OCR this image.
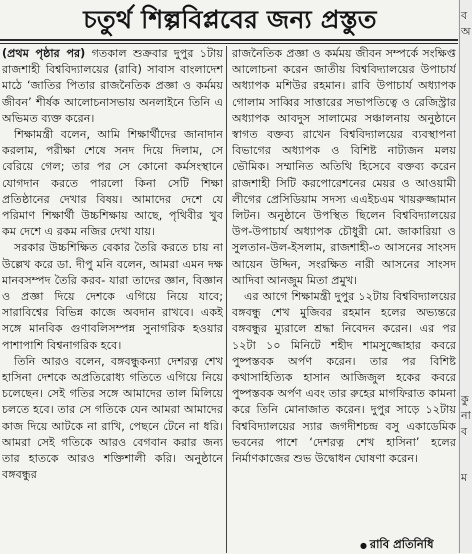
চতুর্থ শিল্পবিপ্লবের জন্য প্রস্তুত

(প্রথম পৃষ্ঠার পর) গতকাল শুক্রবার দুপুর ১টায় রাজশাহী বিশ্ববিদ্যালয়ের (রাবি) সাবাস বাংলাদেশ মাঠে ‘জাতির পিতার রাজনৈতিক প্রজ্ঞা ও কর্মময় জীবন’ শীর্ষক আলোচনাসভায় অনলাইনে তিনি এ অভিমত ব্যক্ত করেন।

শিক্ষামন্ত্রী বলেন, আমি শিক্ষার্থীদের জানাদান করলাম, পরীক্ষা শেষে সনদ দিয়ে দিলাম, সে বেরিয়ে গেল; তার পর সে কোনো কর্মসংস্থানে যোগদান করতে পারলো কিনা সেটি শিক্ষা প্রতিষ্ঠানের দেখার বিষয়। আমাদের দেশে যে পরিমাণ শিক্ষার্থী উচ্চশিক্ষায় আছে, পৃথিবীর খুব কম দেশে এ রকম নজির দেখা যায়।

সরকার উচ্চশিক্ষিত বেকার তৈরি করতে চায় না উল্লেখ করে ডা. দীপু মনি বলেন, আমরা এমন দক্ষ মানবসম্পদ তৈরি করব- যারা তাদের জ্ঞান, বিজ্ঞান ও প্রজ্ঞা দিয়ে দেশকে এগিয়ে নিয়ে যাবে; সারাবিশ্বের বিভিন্ন কাজে অবদান রাখবে। একই সঙ্গে মানবিক গুণাবলিসম্পন্ন সুনাগরিক হওয়ার পাশাপাশি বিশ্বনাগরিক হবে।

তিনি আরও বলেন, বঙ্গবন্ধুকন্যা দেশরত্ন শেখ হাসিনা দেশকে অপ্রতিরোধ্য গতিতে এগিয়ে নিয়ে চলেছেন। সেই গতির সঙ্গে আমাদের তাল মিলিয়ে চলতে হবে। তার সে গতিকে যেন আমরা আমাদের কাজ দিয়ে আটকে না রাখি, পেছনে টেনে না ধরি। আমরা সেই গতিকে আরও বেগবান করার জন্য তার হাতকে আরও শক্তিশালী করি। অনুষ্ঠানে বঙ্গবন্ধুর

রাজনৈতিক প্রজ্ঞা ও কর্মময় জীবন সম্পর্কে সংক্ষিপ্ত আলোচনা করেন জাতীয় বিশ্ববিদ্যালয়ের উপাচার্য অধ্যাপক মশিউর রহমান। রাবি উপাচার্য অধ্যাপক গোলাম সাব্বির সাত্তারের সভাপতিত্বে ও রেজিস্ট্রার অধ্যাপক আবদুস সালামের সঞ্চালনায় অনুষ্ঠানে স্বাগত বক্তব্য রাখেন বিশ্ববিদ্যালয়ের ব্যবস্থাপনা বিভাগের অধ্যাপক ও বিশিষ্ট নাট্যজন মলয় ভৌমিক। সম্মানিত অতিথি হিসেবে বক্তব্য করেন রাজশাহী সিটি করপোরেশনের মেয়র ও আওয়ামী লীগের প্রেসিডিয়াম সদস্য এএইচএম খায়রুজ্জামান লিটন। অনুষ্ঠানে উপস্থিত ছিলেন বিশ্ববিদ্যালয়ের উপ-উপাচার্য অধ্যাপক চৌধুরী মো. জাকারিয়া ও সুলতান-উল-ইসলাম, রাজশাহী-৩ আসনের সাংসদ আয়েন উদ্দিন, সংরক্ষিত নারী আসনের সাংসদ আদিবা আনজুম মিতা প্রমুখ।

এর আগে শিক্ষামন্ত্রী দুপুর ১২টায় বিশ্ববিদ্যালয়ের বঙ্গবন্ধু শেখ মুজিবর রহমান হলের অভ্যন্তরে বঙ্গবন্ধুর ম্যুরালে শ্রদ্ধা নিবেদন করেন। এর পর ১২টা ১০ মিনিটে শহীদ শামসুজ্জোহার কবরে পুষ্পস্তবক অর্পণ করেন। তার পর বিশিষ্ট কথাসাহিত্যিক হাসান আজিজুল হকের কবরে পুষ্পস্তবক অর্পণ এবং তার রুহের মাগফিরাত কামনা করে তিনি মোনাজাত করেন। দুপুর সাড়ে ১২টায় বিশ্ববিদ্যালয়ের স্যার জগদীশচন্দ্র বসু একাডেমিক ভবনের পাশে ‘দেশরত্ন শেখ হাসিনা’ হলের নির্মাণকাজের শুভ উদ্বোধন ঘোষণা করেন।

● রাবি প্রতিনিধি
ব
অ
কু
না
ব
ম
